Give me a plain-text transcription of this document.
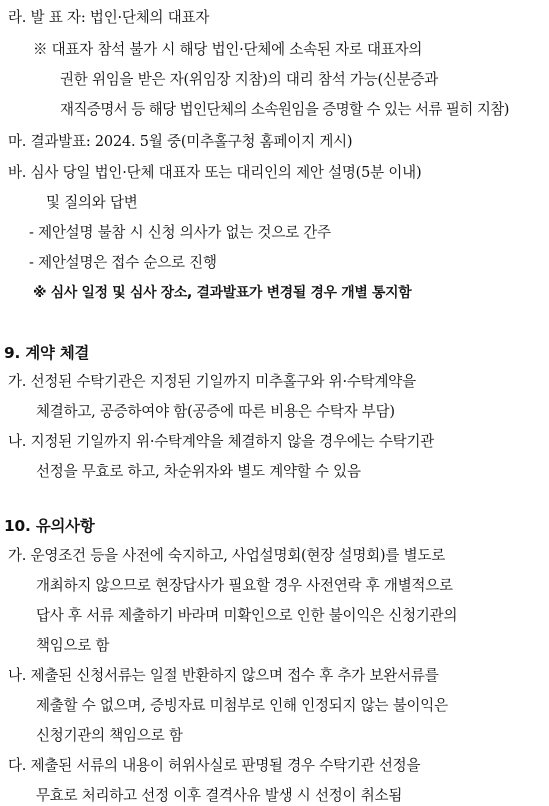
라. 발 표 자: 법인·단체의 대표자
※ 대표자 참석 불가 시 해당 법인·단체에 소속된 자로 대표자의
권한 위임을 받은 자(위임장 지참)의 대리 참석 가능(신분증과
재직증명서 등 해당 법인단체의 소속원임을 증명할 수 있는 서류 필히 지참)
마. 결과발표: 2024. 5월 중(미추홀구청 홈페이지 게시)
바. 심사 당일 법인·단체 대표자 또는 대리인의 제안 설명(5분 이내)
및 질의와 답변
- 제안설명 불참 시 신청 의사가 없는 것으로 간주
- 제안설명은 접수 순으로 진행
※ 심사 일정 및 심사 장소, 결과발표가 변경될 경우 개별 통지함
9. 계약 체결
가. 선정된 수탁기관은 지정된 기일까지 미추홀구와 위·수탁계약을
체결하고, 공증하여야 함(공증에 따른 비용은 수탁자 부담)
나. 지정된 기일까지 위·수탁계약을 체결하지 않을 경우에는 수탁기관
선정을 무효로 하고, 차순위자와 별도 계약할 수 있음
10. 유의사항
가. 운영조건 등을 사전에 숙지하고, 사업설명회(현장 설명회)를 별도로
개최하지 않으므로 현장답사가 필요할 경우 사전연락 후 개별적으로
답사 후 서류 제출하기 바라며 미확인으로 인한 불이익은 신청기관의
책임으로 함
나. 제출된 신청서류는 일절 반환하지 않으며 접수 후 추가 보완서류를
제출할 수 없으며, 증빙자료 미첨부로 인해 인정되지 않는 불이익은
신청기관의 책임으로 함
다. 제출된 서류의 내용이 허위사실로 판명될 경우 수탁기관 선정을
무효로 처리하고 선정 이후 결격사유 발생 시 선정이 취소됨
